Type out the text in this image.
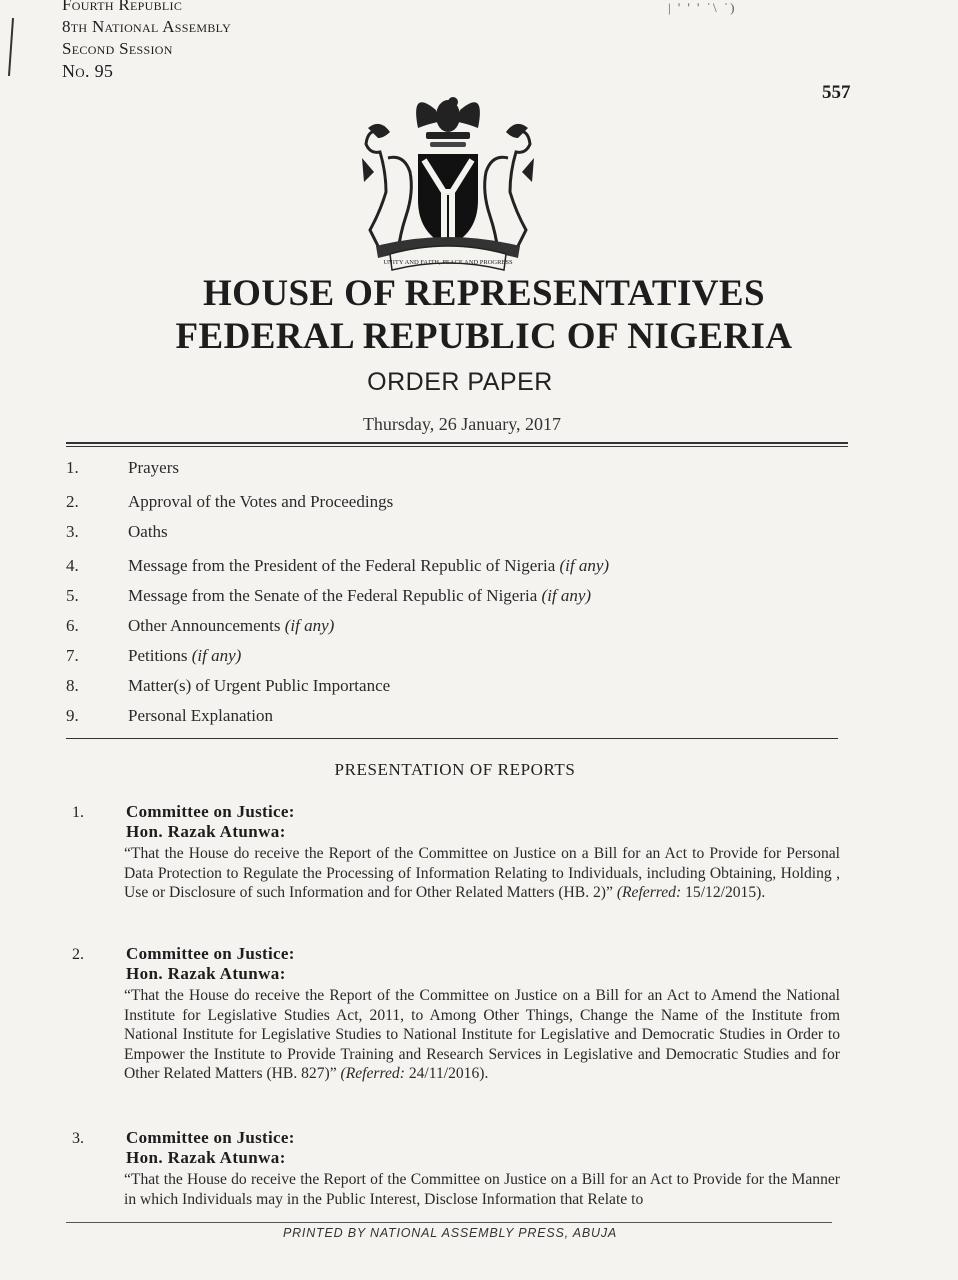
| ' ' ' ˈ\ ˈ)
Fourth Republic
8th National Assembly
Second Session
No. 95
557
UNITY AND FAITH, PEACE AND PROGRESS
HOUSE OF REPRESENTATIVES
FEDERAL REPUBLIC OF NIGERIA
ORDER PAPER
Thursday, 26 January, 2017
1.	Prayers
2.	Approval of the Votes and Proceedings
3.	Oaths
4.	Message from the President of the Federal Republic of Nigeria (if any)
5.	Message from the Senate of the Federal Republic of Nigeria (if any)
6.	Other Announcements (if any)
7.	Petitions (if any)
8.	Matter(s) of Urgent Public Importance
9.	Personal Explanation
PRESENTATION OF REPORTS
1. Committee on Justice:
Hon. Razak Atunwa:
“That the House do receive the Report of the Committee on Justice on a Bill for an Act to Provide for Personal Data Protection to Regulate the Processing of Information Relating to Individuals, including Obtaining, Holding , Use or Disclosure of such Information and for Other Related Matters (HB. 2)” (Referred: 15/12/2015).
2. Committee on Justice:
Hon. Razak Atunwa:
“That the House do receive the Report of the Committee on Justice on a Bill for an Act to Amend the National Institute for Legislative Studies Act, 2011, to Among Other Things, Change the Name of the Institute from National Institute for Legislative Studies to National Institute for Legislative and Democratic Studies in Order to Empower the Institute to Provide Training and Research Services in Legislative and Democratic Studies and for Other Related Matters (HB. 827)” (Referred: 24/11/2016).
3. Committee on Justice:
Hon. Razak Atunwa:
“That the House do receive the Report of the Committee on Justice on a Bill for an Act to Provide for the Manner in which Individuals may in the Public Interest, Disclose Information that Relate to
PRINTED BY NATIONAL ASSEMBLY PRESS, ABUJA
